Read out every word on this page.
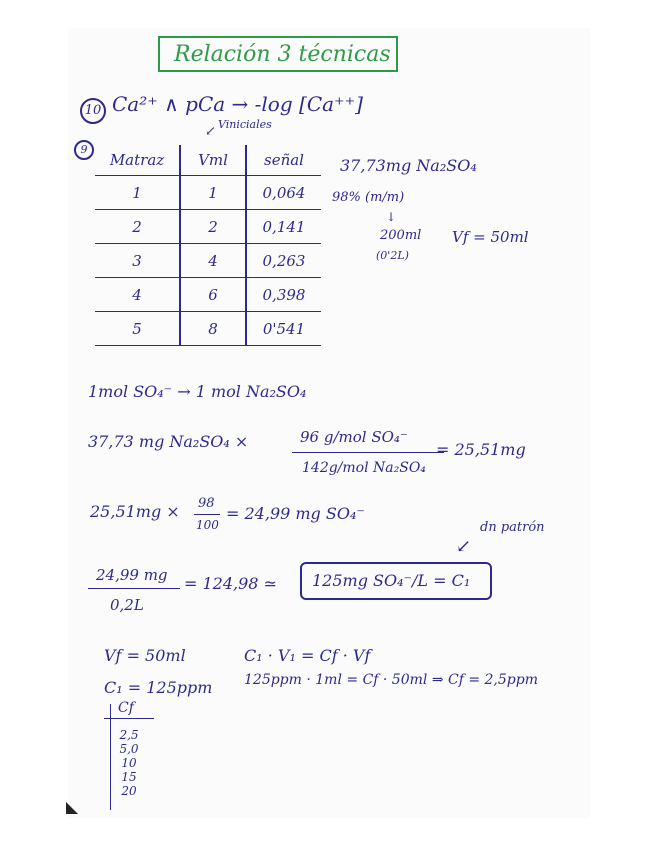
Relación 3 técnicas
10 Ca²⁺ ∧ pCa → -log [Ca⁺⁺]
9
Viniciales
↙
Matraz	Vml	señal
1	1	0,064
2	2	0,141
3	4	0,263
4	6	0,398
5	8	0'541
37,73mg Na₂SO₄
98% (m/m)
↓
200ml
(0'2L)
Vf = 50ml
1mol SO₄⁻ → 1 mol Na₂SO₄
37,73 mg Na₂SO₄ ×	96 g/mol SO₄⁻
142g/mol Na₂SO₄
= 25,51mg
25,51mg × 98
100
= 24,99 mg SO₄⁻
dn patrón
↙
24,99 mg
0,2L
= 124,98 ≃ 125mg SO₄⁻/L = C₁
Vf = 50ml
C₁ = 125ppm
C₁ · V₁ = Cf · Vf
125ppm · 1ml = Cf · 50ml ⇒ Cf = 2,5ppm
Cf
2,5
5,0
10
15
20
